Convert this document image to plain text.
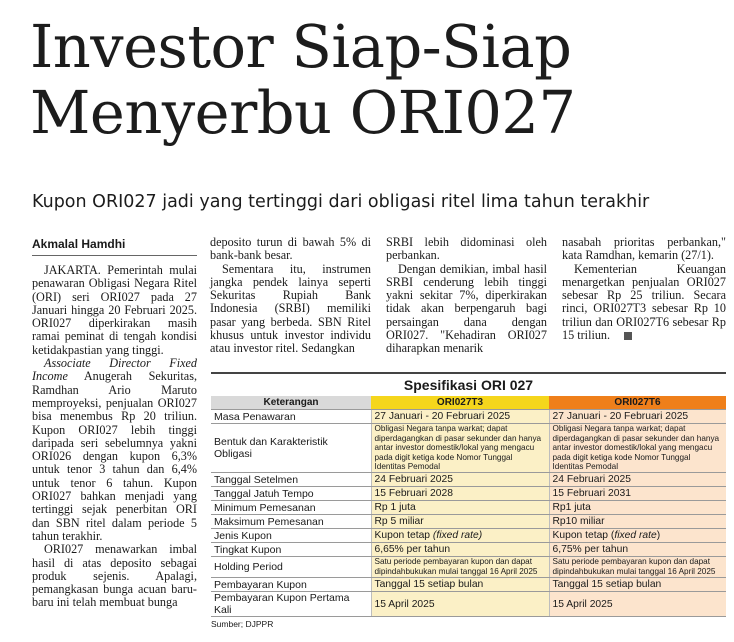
Investor Siap-Siap
Menyerbu ORI027

Kupon ORI027 jadi yang tertinggi dari obligasi ritel lima tahun terakhir

Akmalal Hamdhi

JAKARTA. Pemerintah mulai penawaran Obligasi Negara Ritel (ORI) seri ORI027 pada 27 Januari hingga 20 Februari 2025. ORI027 diperkirakan masih ramai peminat di tengah kondisi ketidakpastian yang tinggi.

Associate Director Fixed Income Anugerah Sekuritas, Ramdhan Ario Maruto memproyeksi, penjualan ORI027 bisa menembus Rp 20 triliun. Kupon ORI027 lebih tinggi daripada seri sebelumnya yakni ORI026 dengan kupon 6,3% untuk tenor 3 tahun dan 6,4% untuk tenor 6 tahun. Kupon ORI027 bahkan menjadi yang tertinggi sejak penerbitan ORI dan SBN ritel dalam periode 5 tahun terakhir.

ORI027 menawarkan imbal hasil di atas deposito sebagai produk sejenis. Apalagi, pemangkasan bunga acuan baru-baru ini telah membuat bunga

deposito turun di bawah 5% di bank-bank besar.

Sementara itu, instrumen jangka pendek lainya seperti Sekuritas Rupiah Bank Indonesia (SRBI) memiliki pasar yang berbeda. SBN Ritel khusus untuk investor individu atau investor ritel. Sedangkan

SRBI lebih didominasi oleh perbankan.

Dengan demikian, imbal hasil SRBI cenderung lebih tinggi yakni sekitar 7%, diperkirakan tidak akan berpengaruh bagi persaingan dana dengan ORI027. "Kehadiran ORI027 diharapkan menarik

nasabah prioritas perbankan," kata Ramdhan, kemarin (27/1).

Kementerian Keuangan menargetkan penjualan ORI027 sebesar Rp 25 triliun. Secara rinci, ORI027T3 sebesar Rp 10 triliun dan ORI027T6 sebesar Rp 15 triliun.

Spesifikasi ORI 027
Keterangan	ORI027T3	ORI027T6
Masa Penawaran	27 Januari - 20 Februari 2025	27 Januari - 20 Februari 2025
Bentuk dan Karakteristik Obligasi	Obligasi Negara tanpa warkat; dapat diperdagangkan di pasar sekunder dan hanya antar investor domestik/lokal yang mengacu pada digit ketiga kode Nomor Tunggal Identitas Pemodal	Obligasi Negara tanpa warkat; dapat diperdagangkan di pasar sekunder dan hanya antar investor domestik/lokal yang mengacu pada digit ketiga kode Nomor Tunggal Identitas Pemodal
Tanggal Setelmen	24 Februari 2025	24 Februari 2025
Tanggal Jatuh Tempo	15 Februari 2028	15 Februari 2031
Minimum Pemesanan	Rp 1 juta	Rp1 juta
Maksimum Pemesanan	Rp 5 miliar	Rp10 miliar
Jenis Kupon	Kupon tetap (fixed rate)	Kupon tetap (fixed rate)
Tingkat Kupon	6,65% per tahun	6,75% per tahun
Holding Period	Satu periode pembayaran kupon dan dapat dipindahbukukan mulai tanggal 16 April 2025	Satu periode pembayaran kupon dan dapat dipindahbukukan mulai tanggal 16 April 2025
Pembayaran Kupon	Tanggal 15 setiap bulan	Tanggal 15 setiap bulan
Pembayaran Kupon Pertama Kali	15 April 2025	15 April 2025
Sumber; DJPPR
